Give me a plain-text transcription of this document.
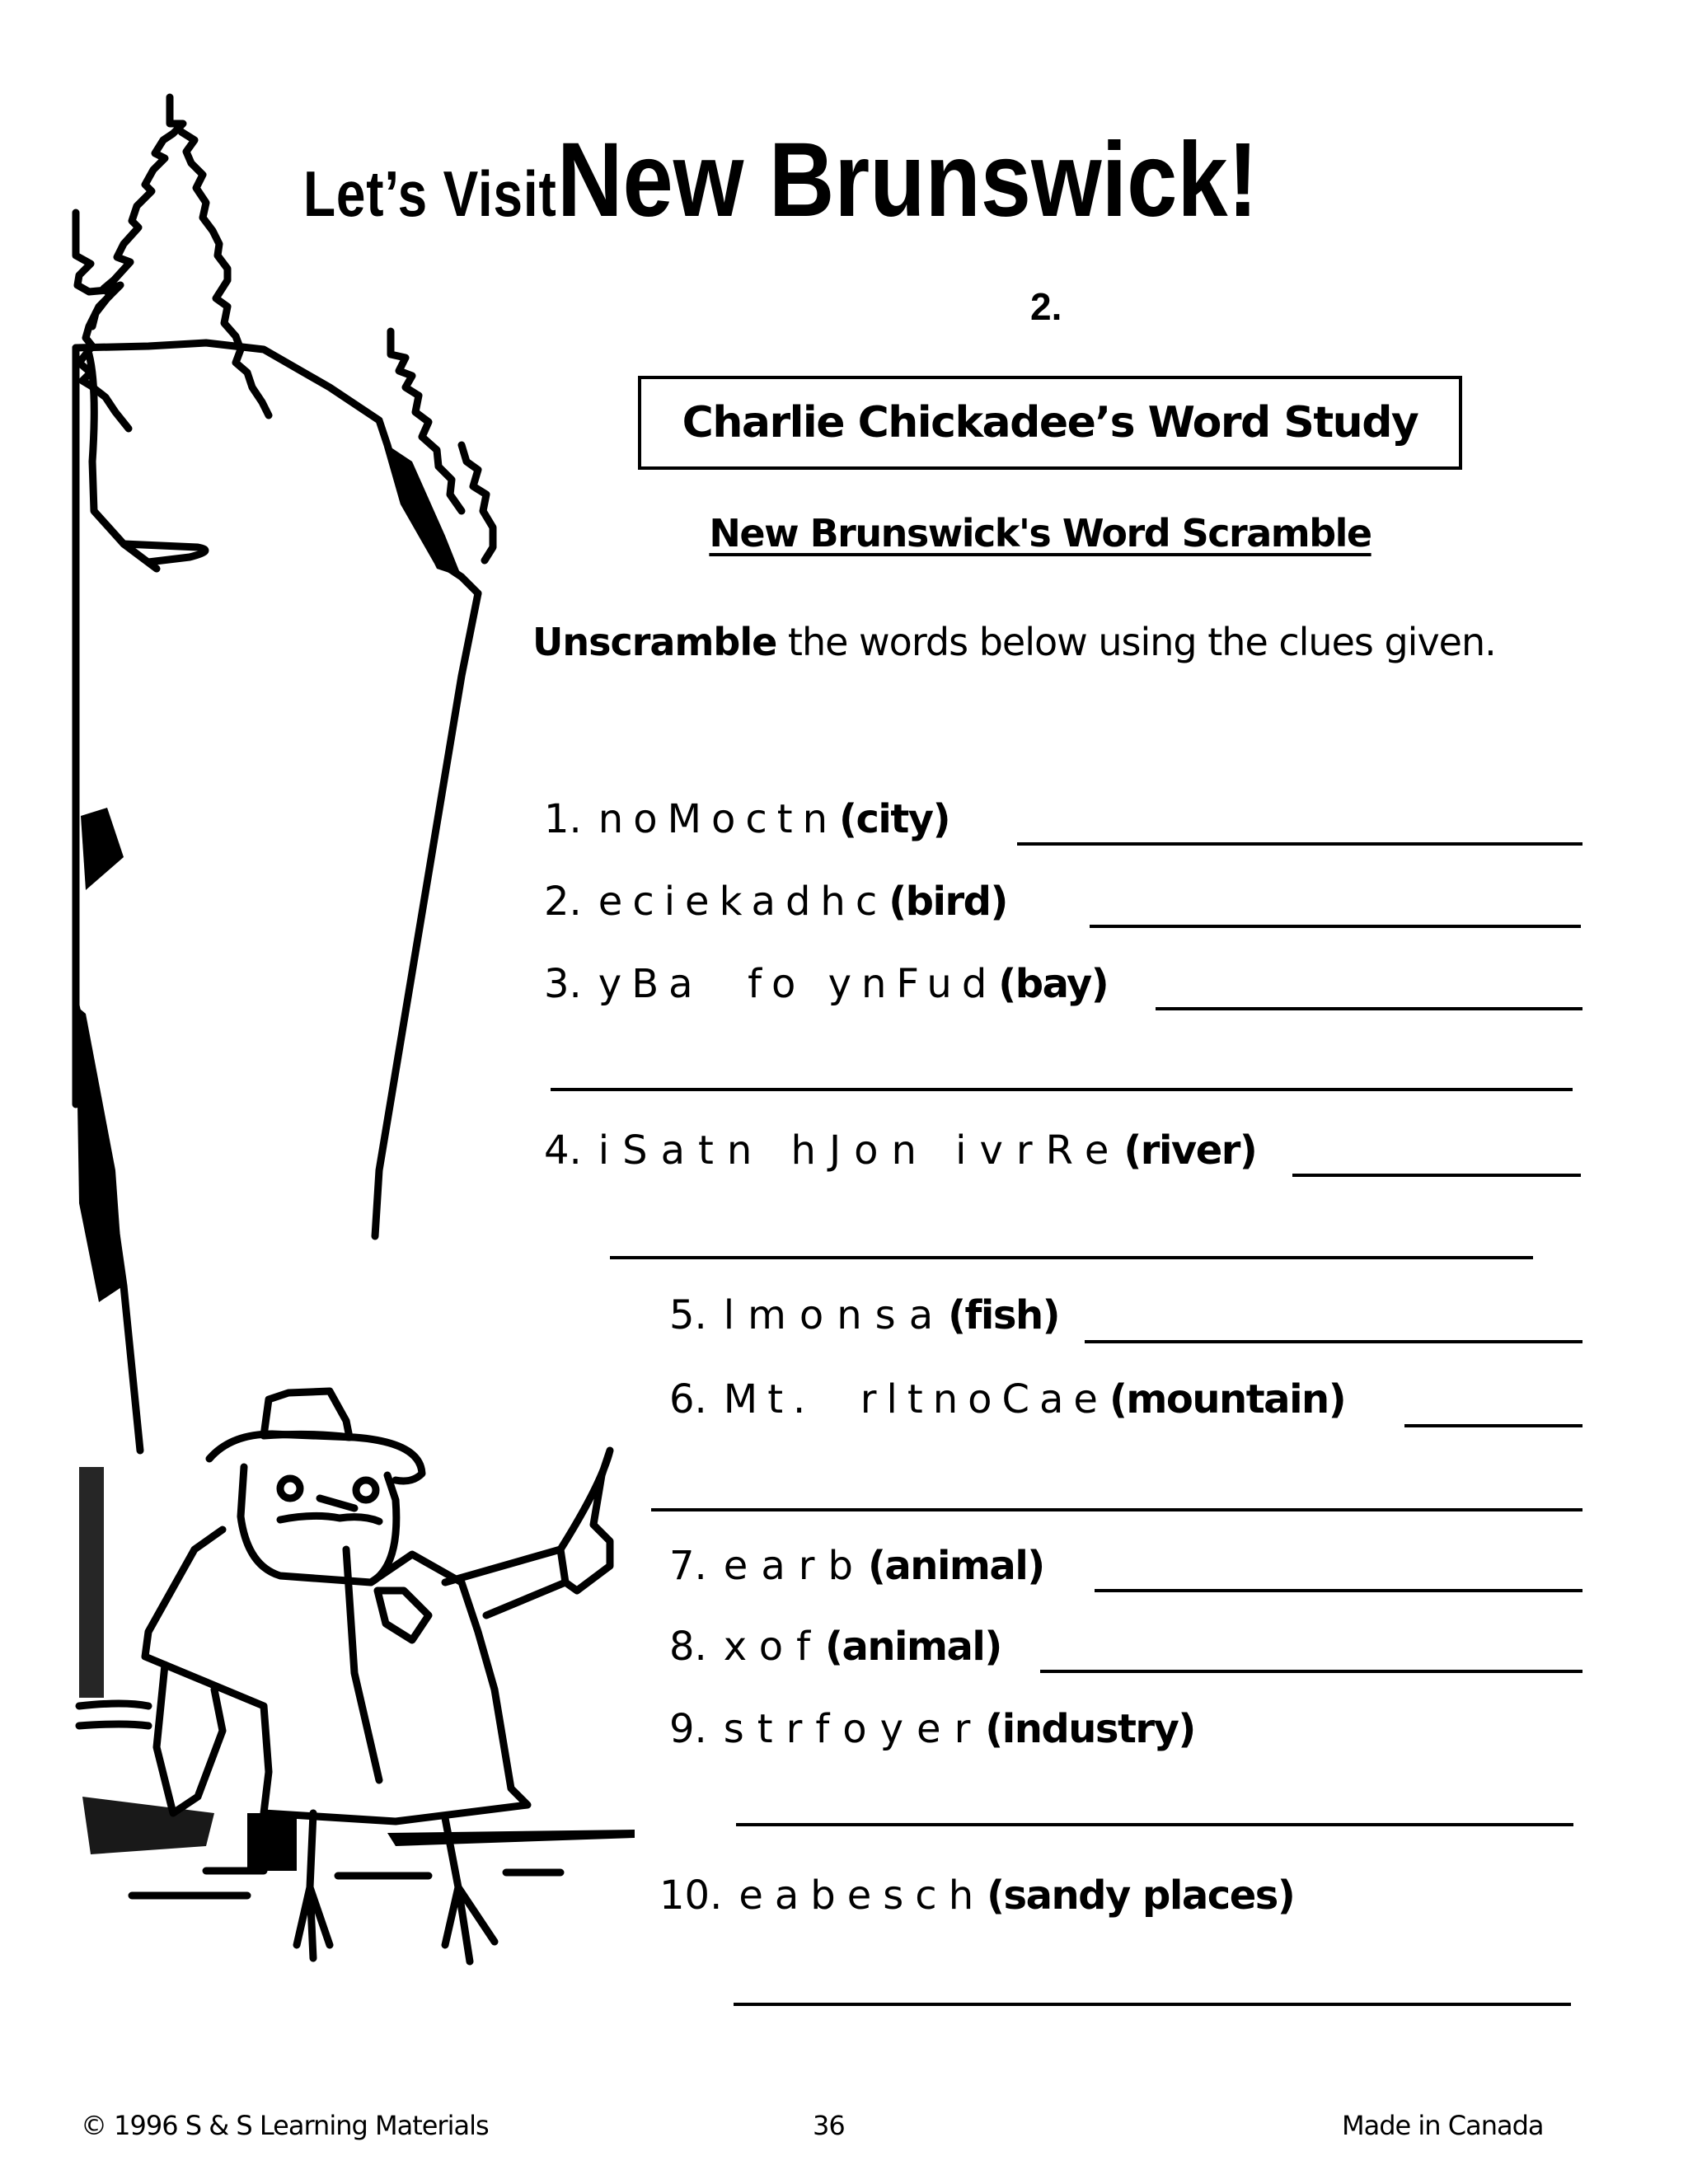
Let’s Visit New Brunswick!
2.
Charlie Chickadee’s Word Study
New Brunswick's Word Scramble
Unscramble the words below using the clues given.
1. noMoctn (city)
2. eciekadhc (bird)
3. yBa  fo ynFud (bay)
4. iSatn hJon ivrRe (river)
5. lmonsa (fish)
6. Mt.  rltnoCae (mountain)
7. earb (animal)
8. xof (animal)
9. strfoyer (industry)
10. eabesch (sandy places)
© 1996 S & S Learning Materials	36	Made in Canada
